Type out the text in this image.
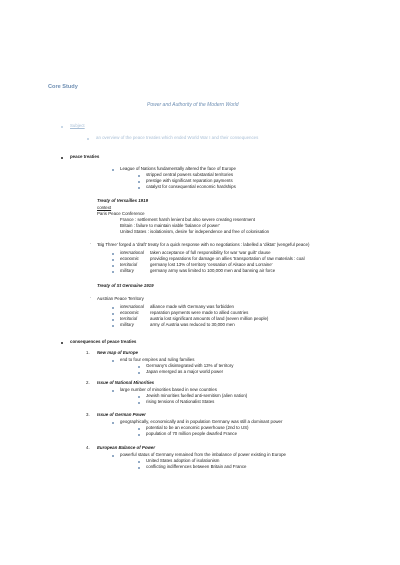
Core Study
Power and Authority of the Modern World
Subject
an overview of the peace treaties which ended World War I and their consequences
peace treaties
League of Nations fundamentally altered the face of Europe
stripped central powers substantial territories
prestige with significant reparation payments
catalyst for consequential economic hardships
Treaty of Versailles 1919
context
Paris Peace Conference
France : settlement harsh lenient but also severe creating resentment
Britain : failure to maintain viable 'balance of power'
United States : isolationism, desire for independence and free of colonisation
· 'Big Three' forged a 'draft' treaty for a quick response with no negotiations : labelled a 'diktat' (vengeful peace)
international taken acceptance of full responsibility for war 'war guilt' clause
economic	providing reparations for damage on allies 'transportation of raw materials : coal
territorial	germany lost 13% of territory 'cessation of Alsace and Lorraine'
military	germany army was limited to 100,000 men and banning air force
Treaty of St Germaine 1919
· Austrian Peace Territory
international alliance made with Germany was forbidden
economic	reparation payments were made to allied countries
territorial	austria lost significant amounts of land (seven million people)
military	army of Austria was reduced to 30,000 men
consequences of peace treaties
1. New map of Europe
end to four empires and ruling families
Germany's disintegrated with 13% of territory
Japan emerged as a major world power
2. Issue of National Minorities
large number of minorities based in new countries
Jewish minorities fuelled anti-semitism (alien nation)
rising tensions of Nationalist States
3. Issue of German Power
geographically, economically and in population Germany was still a dominant power
potential to be an economic powerhouse (2nd to US)
population of 70 million people dwarfed France
4. European Balance of Power
powerful status of Germany remained from the imbalance of power existing in Europe
United States adoption of isolationism
conflicting indifferences between Britain and France
